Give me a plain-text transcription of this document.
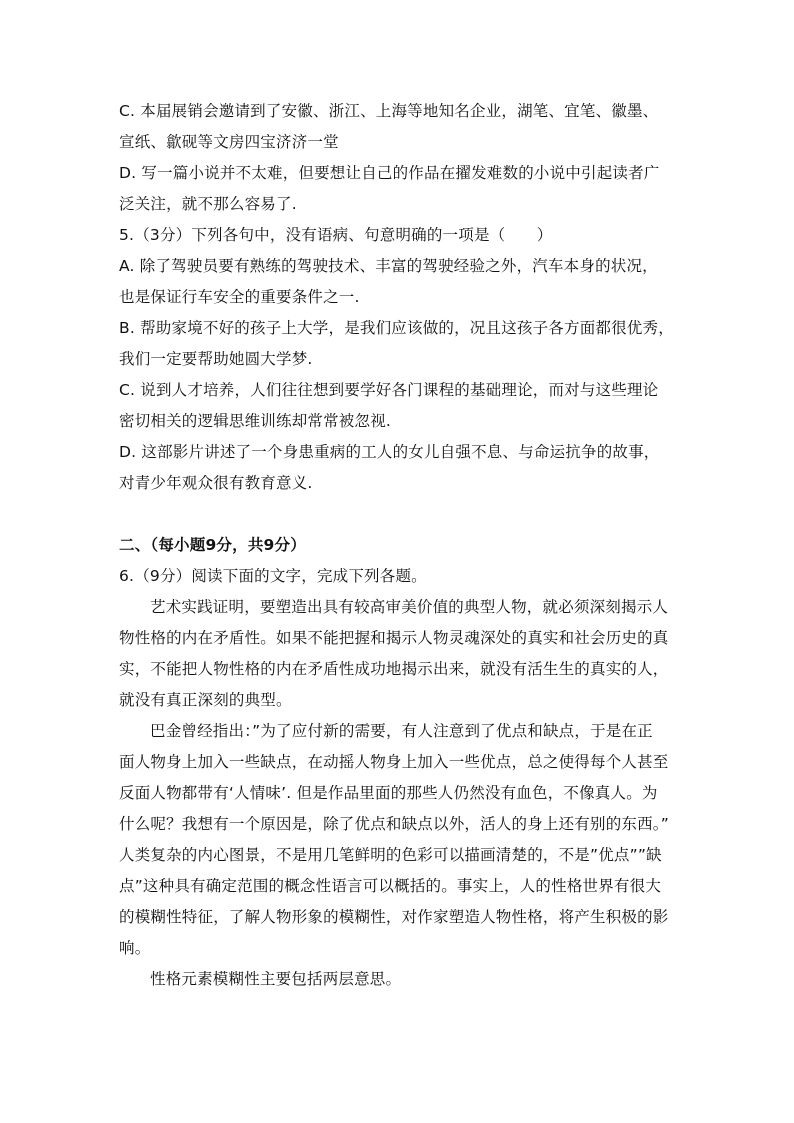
C. 本届展销会邀请到了安徽、浙江、上海等地知名企业，湖笔、宜笔、徽墨、
宣纸、歙砚等文房四宝济济一堂
D. 写一篇小说并不太难，但要想让自己的作品在擢发难数的小说中引起读者广
泛关注，就不那么容易了.
5.（3分）下列各句中，没有语病、句意明确的一项是（　　）
A. 除了驾驶员要有熟练的驾驶技术、丰富的驾驶经验之外，汽车本身的状况，
也是保证行车安全的重要条件之一.
B. 帮助家境不好的孩子上大学，是我们应该做的，况且这孩子各方面都很优秀，
我们一定要帮助她圆大学梦.
C. 说到人才培养，人们往往想到要学好各门课程的基础理论，而对与这些理论
密切相关的逻辑思维训练却常常被忽视.
D. 这部影片讲述了一个身患重病的工人的女儿自强不息、与命运抗争的故事，
对青少年观众很有教育意义.
二、（每小题9分，共9分）
6.（9分）阅读下面的文字，完成下列各题。
艺术实践证明，要塑造出具有较高审美价值的典型人物，就必须深刻揭示人
物性格的内在矛盾性。如果不能把握和揭示人物灵魂深处的真实和社会历史的真
实，不能把人物性格的内在矛盾性成功地揭示出来，就没有活生生的真实的人，
就没有真正深刻的典型。
巴金曾经指出：”为了应付新的需要，有人注意到了优点和缺点，于是在正
面人物身上加入一些缺点，在动摇人物身上加入一些优点，总之使得每个人甚至
反面人物都带有‘人情味’. 但是作品里面的那些人仍然没有血色，不像真人。为
什么呢？我想有一个原因是，除了优点和缺点以外，活人的身上还有别的东西。”
人类复杂的内心图景，不是用几笔鲜明的色彩可以描画清楚的，不是”优点””缺
点”这种具有确定范围的概念性语言可以概括的。事实上，人的性格世界有很大
的模糊性特征，了解人物形象的模糊性，对作家塑造人物性格，将产生积极的影
响。
性格元素模糊性主要包括两层意思。
